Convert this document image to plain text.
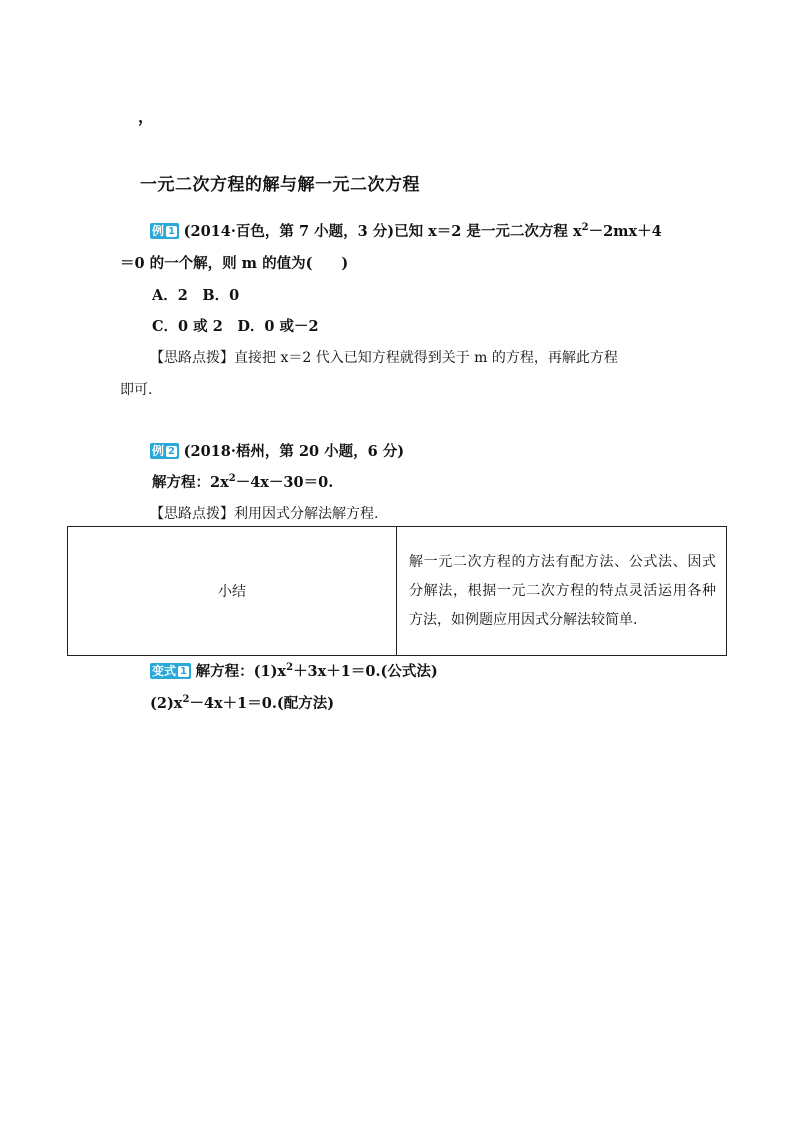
，
一元二次方程的解与解一元二次方程
例 1 (2014·百色，第 7 小题，3 分)已知 x＝2 是一元二次方程 $x^2-2mx+4$
＝0 的一个解，则 m 的值为(　　)
A．2　B．0
C．0 或 2　D．0 或－2
【思路点拨】直接把 x＝2 代入已知方程就得到关于 m 的方程，再解此方程
即可.
例 2 (2018·梧州，第 20 小题，6 分)
解方程：$2x^2-4x-30=0$.
【思路点拨】利用因式分解法解方程.
小结	解一元二次方程的方法有配方法、公式法、因式分解法，根据一元二次方程的特点灵活运用各种方法，如例题应用因式分解法较简单.
变式 1 解方程：$(1)x^2+3x+1=0$.(公式法)
$(2)x^2-4x+1=0$.(配方法)
